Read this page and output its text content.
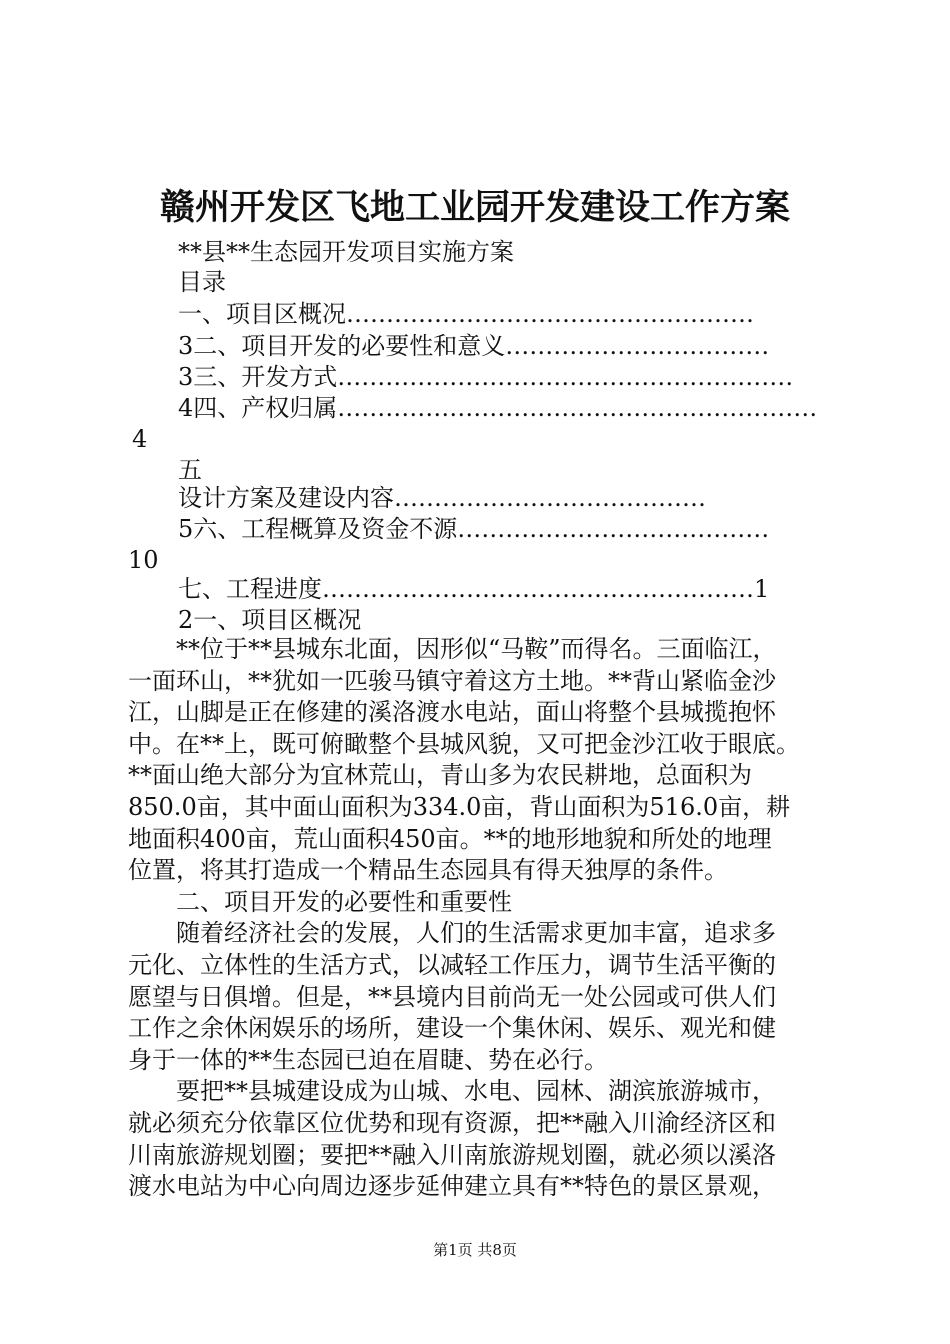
赣州开发区飞地工业园开发建设工作方案
**县**生态园开发项目实施方案
目录
一、项目区概况……………………………………………
3二、项目开发的必要性和意义……………………………
3三、开发方式…………………………………………………
4四、产权归属……………………………………………………
4
五
设计方案及建设内容…………………………………
5六、工程概算及资金不源…………………………………
10
七、工程进度………………………………………………1
2一、项目区概况
　　**位于**县城东北面，因形似“马鞍”而得名。三面临江，
一面环山，**犹如一匹骏马镇守着这方土地。**背山紧临金沙
江，山脚是正在修建的溪洛渡水电站，面山将整个县城揽抱怀
中。在**上，既可俯瞰整个县城风貌，又可把金沙江收于眼底。
**面山绝大部分为宜林荒山，青山多为农民耕地，总面积为
850.0亩，其中面山面积为334.0亩，背山面积为516.0亩，耕
地面积400亩，荒山面积450亩。**的地形地貌和所处的地理
位置，将其打造成一个精品生态园具有得天独厚的条件。
　　二、项目开发的必要性和重要性
　　随着经济社会的发展，人们的生活需求更加丰富，追求多
元化、立体性的生活方式，以减轻工作压力，调节生活平衡的
愿望与日俱增。但是，**县境内目前尚无一处公园或可供人们
工作之余休闲娱乐的场所，建设一个集休闲、娱乐、观光和健
身于一体的**生态园已迫在眉睫、势在必行。
　　要把**县城建设成为山城、水电、园林、湖滨旅游城市，
就必须充分依靠区位优势和现有资源，把**融入川渝经济区和
川南旅游规划圈；要把**融入川南旅游规划圈，就必须以溪洛
渡水电站为中心向周边逐步延伸建立具有**特色的景区景观，
第1页 共8页
